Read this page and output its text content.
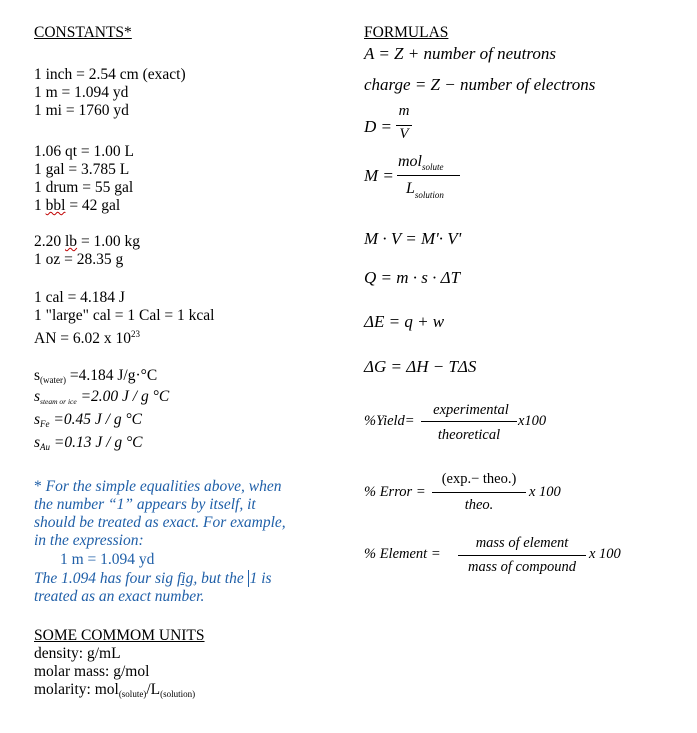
CONSTANTS*
1 inch = 2.54 cm (exact)
1 m = 1.094 yd
1 mi = 1760 yd
1.06 qt = 1.00 L
1 gal = 3.785 L
1 drum = 55 gal
1 bbl = 42 gal
2.20 lb = 1.00 kg
1 oz = 28.35 g
1 cal = 4.184 J
1 "large" cal = 1 Cal = 1 kcal
AN = 6.02 x $10^{23}$
$s_{(water)} =4.184$ J/g·°C
$s_{steam or ice} =2.00$ J / g °C
$s_{Fe} =0.45$ J / g °C
$s_{Au} =0.13$ J / g °C
* For the simple equalities above, when
the number “1” appears by itself, it
should be treated as exact. For example,
in the expression:
1 m = 1.094 yd
The 1.094 has four sig fig, but the 1 is
treated as an exact number.
SOME COMMOM UNITS
density: g/mL
molar mass: g/mol
molarity: $mol_{(solute)}/L_{(solution)}$
FORMULAS
A = Z + number of neutrons
charge = Z − number of electrons
D =
m
V
M =
mol$_{solute}$
$L_{solution}$
M · V = M'· V'
Q = m · s · ΔT
ΔE = q + w
ΔG = ΔH − TΔS
%Yield=
experimental
theoretical
x100
% Error =
(exp.− theo.)
theo.
x 100
% Element =
mass of element
mass of compound
x 100
